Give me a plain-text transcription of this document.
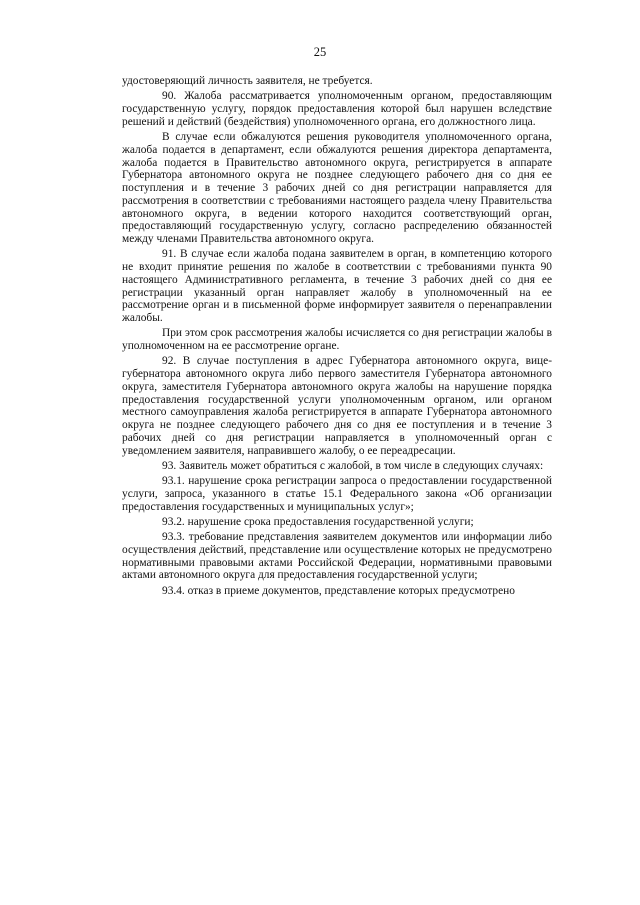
25

удостоверяющий личность заявителя, не требуется.

90. Жалоба рассматривается уполномоченным органом, предоставляющим государственную услугу, порядок предоставления которой был нарушен вследствие решений и действий (бездействия) уполномоченного органа, его должностного лица.

В случае если обжалуются решения руководителя уполномоченного органа, жалоба подается в департамент, если обжалуются решения директора департамента, жалоба подается в Правительство автономного округа, регистрируется в аппарате Губернатора автономного округа не позднее следующего рабочего дня со дня ее поступления и в течение 3 рабочих дней со дня регистрации направляется для рассмотрения в соответствии с требованиями настоящего раздела члену Правительства автономного округа, в ведении которого находится соответствующий орган, предоставляющий государственную услугу, согласно распределению обязанностей между членами Правительства автономного округа.

91. В случае если жалоба подана заявителем в орган, в компетенцию которого не входит принятие решения по жалобе в соответствии с требованиями пункта 90 настоящего Административного регламента, в течение 3 рабочих дней со дня ее регистрации указанный орган направляет жалобу в уполномоченный на ее рассмотрение орган и в письменной форме информирует заявителя о перенаправлении жалобы.

При этом срок рассмотрения жалобы исчисляется со дня регистрации жалобы в уполномоченном на ее рассмотрение органе.

92. В случае поступления в адрес Губернатора автономного округа, вице-губернатора автономного округа либо первого заместителя Губернатора автономного округа, заместителя Губернатора автономного округа жалобы на нарушение порядка предоставления государственной услуги уполномоченным органом, или органом местного самоуправления жалоба регистрируется в аппарате Губернатора автономного округа не позднее следующего рабочего дня со дня ее поступления и в течение 3 рабочих дней со дня регистрации направляется в уполномоченный орган с уведомлением заявителя, направившего жалобу, о ее переадресации.

93. Заявитель может обратиться с жалобой, в том числе в следующих случаях:

93.1. нарушение срока регистрации запроса о предоставлении государственной услуги, запроса, указанного в статье 15.1 Федерального закона «Об организации предоставления государственных и муниципальных услуг»;

93.2. нарушение срока предоставления государственной услуги;

93.3. требование представления заявителем документов или информации либо осуществления действий, представление или осуществление которых не предусмотрено нормативными правовыми актами Российской Федерации, нормативными правовыми актами автономного округа для предоставления государственной услуги;

93.4. отказ в приеме документов, представление которых предусмотрено
